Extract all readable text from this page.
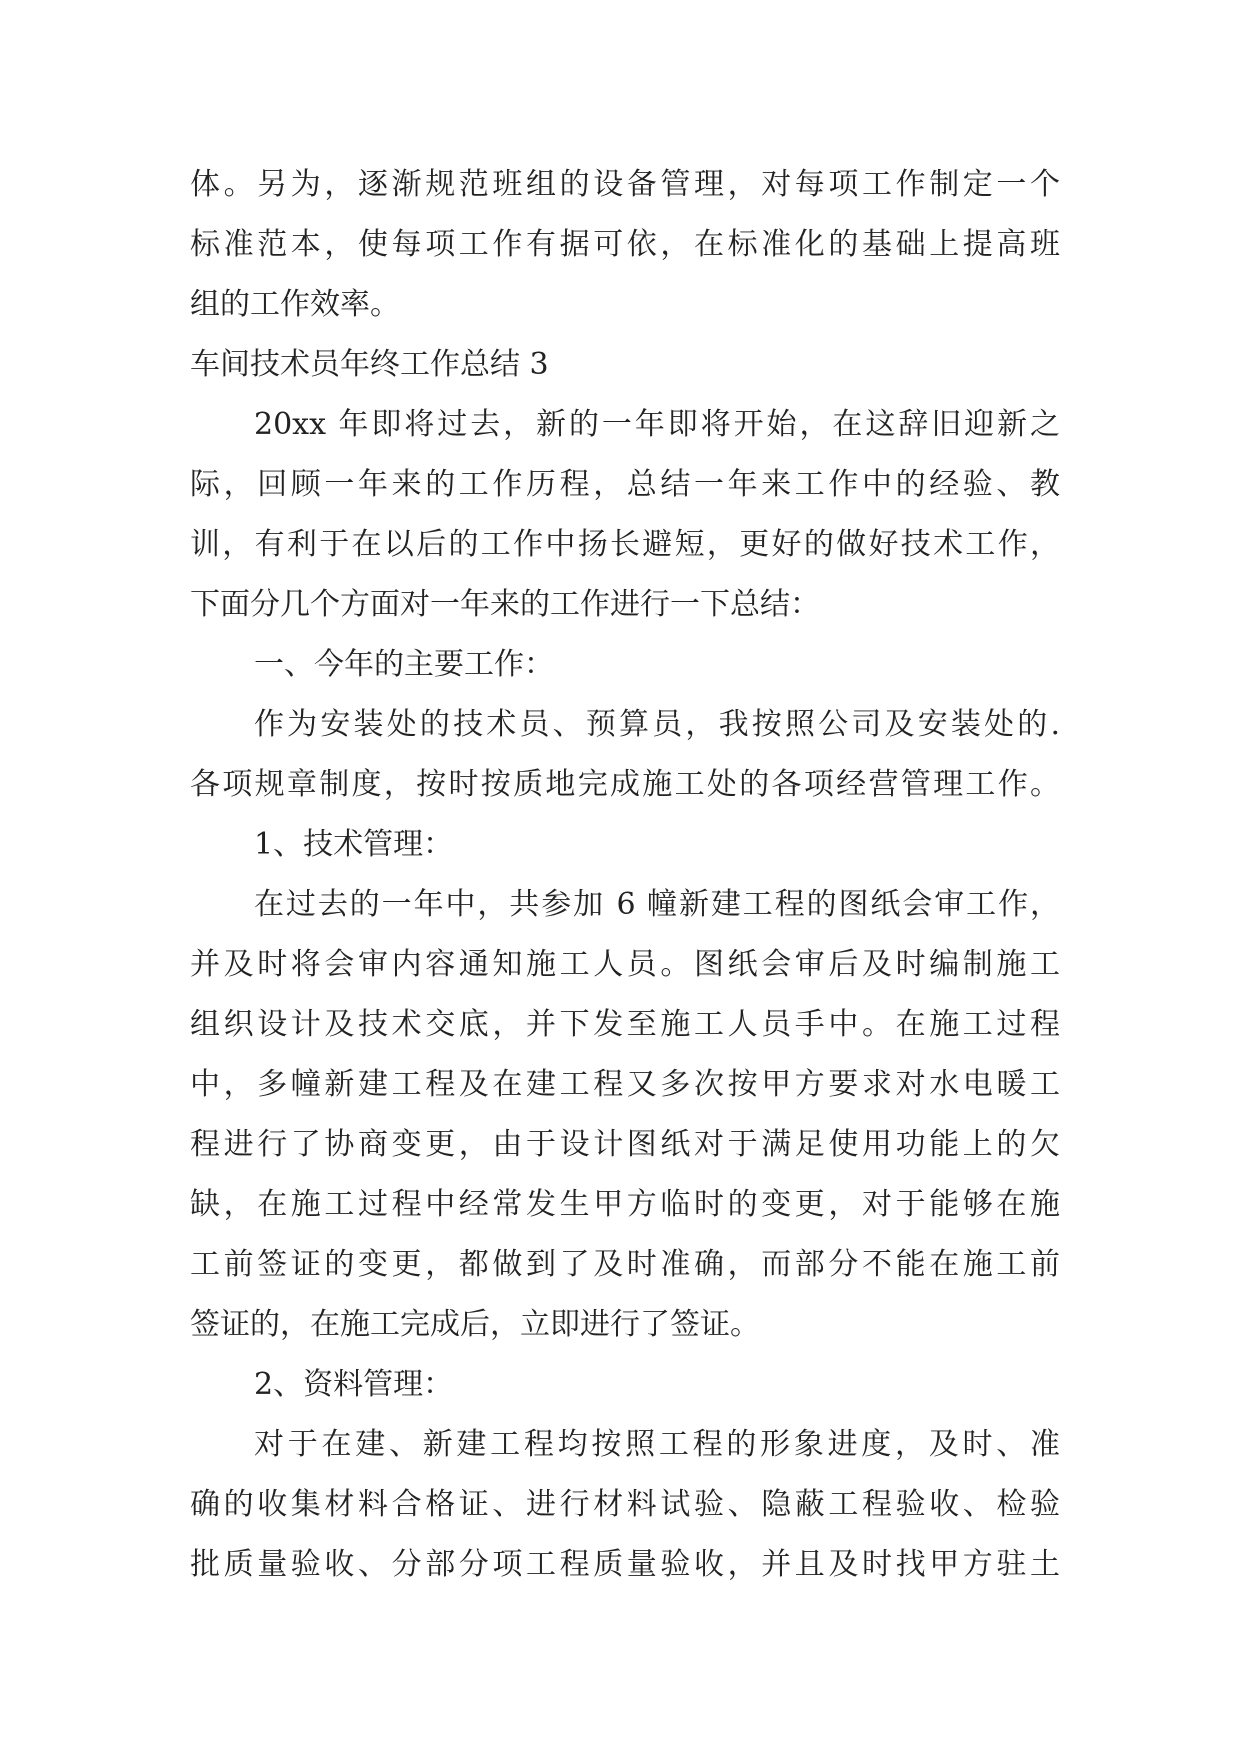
体。另为，逐渐规范班组的设备管理，对每项工作制定一个
标准范本，使每项工作有据可依，在标准化的基础上提高班
组的工作效率。
车间技术员年终工作总结 3
20xx 年即将过去，新的一年即将开始，在这辞旧迎新之
际，回顾一年来的工作历程，总结一年来工作中的经验、教
训，有利于在以后的工作中扬长避短，更好的做好技术工作，
下面分几个方面对一年来的工作进行一下总结：
一、今年的主要工作：
作为安装处的技术员、预算员，我按照公司及安装处的.
各项规章制度，按时按质地完成施工处的各项经营管理工作。
1、技术管理：
在过去的一年中，共参加 6 幢新建工程的图纸会审工作，
并及时将会审内容通知施工人员。图纸会审后及时编制施工
组织设计及技术交底，并下发至施工人员手中。在施工过程
中，多幢新建工程及在建工程又多次按甲方要求对水电暖工
程进行了协商变更，由于设计图纸对于满足使用功能上的欠
缺，在施工过程中经常发生甲方临时的变更，对于能够在施
工前签证的变更，都做到了及时准确，而部分不能在施工前
签证的，在施工完成后，立即进行了签证。
2、资料管理：
对于在建、新建工程均按照工程的形象进度，及时、准
确的收集材料合格证、进行材料试验、隐蔽工程验收、检验
批质量验收、分部分项工程质量验收，并且及时找甲方驻土
